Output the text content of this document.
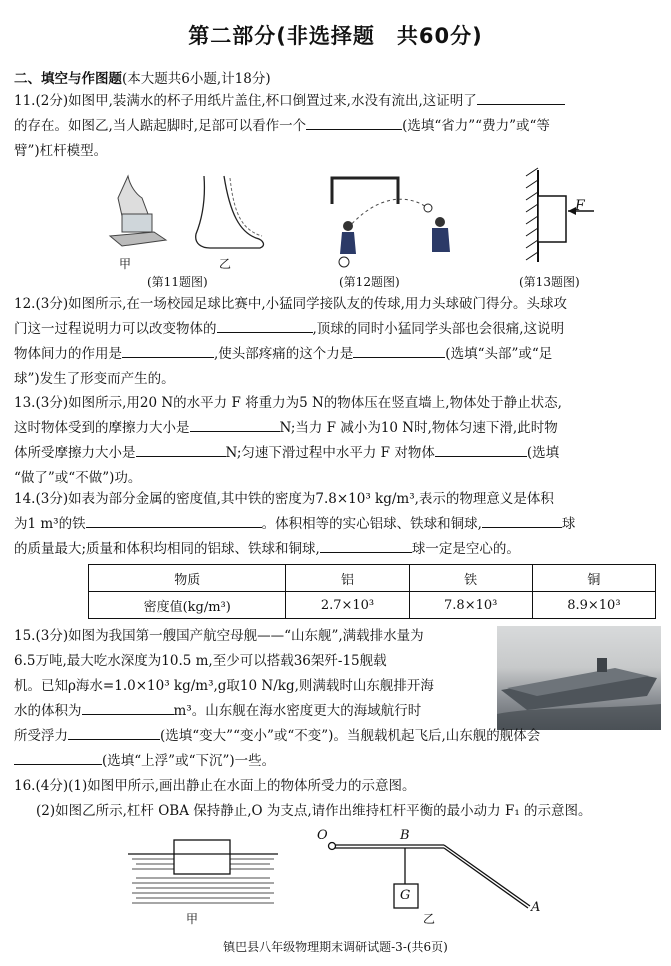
第二部分(非选择题　共60分)
二、填空与作图题(本大题共6小题,计18分)
11.(2分)如图甲,装满水的杯子用纸片盖住,杯口倒置过来,水没有流出,这证明了
的存在。如图乙,当人踮起脚时,足部可以看作一个	(选填“省力”“费力”或“等
臂”)杠杆模型。
甲	乙
(第11题图)	(第12题图)
F
(第13题图)
12.(3分)如图所示,在一场校园足球比赛中,小猛同学接队友的传球,用力头球破门得分。头球攻
门这一过程说明力可以改变物体的	,顶球的同时小猛同学头部也会很痛,这说明
物体间力的作用是	,使头部疼痛的这个力是	(选填“头部”或“足
球”)发生了形变而产生的。
13.(3分)如图所示,用20 N的水平力 F 将重力为5 N的物体压在竖直墙上,物体处于静止状态,
这时物体受到的摩擦力大小是	N;当力 F 减小为10 N时,物体匀速下滑,此时物
体所受摩擦力大小是	N;匀速下滑过程中水平力 F 对物体	(选填
“做了”或“不做”)功。
14.(3分)如表为部分金属的密度值,其中铁的密度为7.8×10³ kg/m³,表示的物理意义是体积
为1 m³的铁	。体积相等的实心铝球、铁球和铜球,	球
的质量最大;质量和体积均相同的铝球、铁球和铜球,	球一定是空心的。
物质	铝	铁	铜
密度值(kg/m³)	2.7×10³	7.8×10³	8.9×10³
15.(3分)如图为我国第一艘国产航空母舰——“山东舰”,满载排水量为
6.5万吨,最大吃水深度为10.5 m,至少可以搭载36架歼-15舰载
机。已知ρ海水=1.0×10³ kg/m³,g取10 N/kg,则满载时山东舰排开海
水的体积为	m³。山东舰在海水密度更大的海域航行时
所受浮力	(选填“变大”“变小”或“不变”)。当舰载机起飞后,山东舰的舰体会
(选填“上浮”或“下沉”)一些。
16.(4分)(1)如图甲所示,画出静止在水面上的物体所受力的示意图。
(2)如图乙所示,杠杆 OBA 保持静止,O 为支点,请作出维持杠杆平衡的最小动力 F₁ 的示意图。
甲
O	B
G
A
乙
镇巴县八年级物理期末调研试题-3-(共6页)
